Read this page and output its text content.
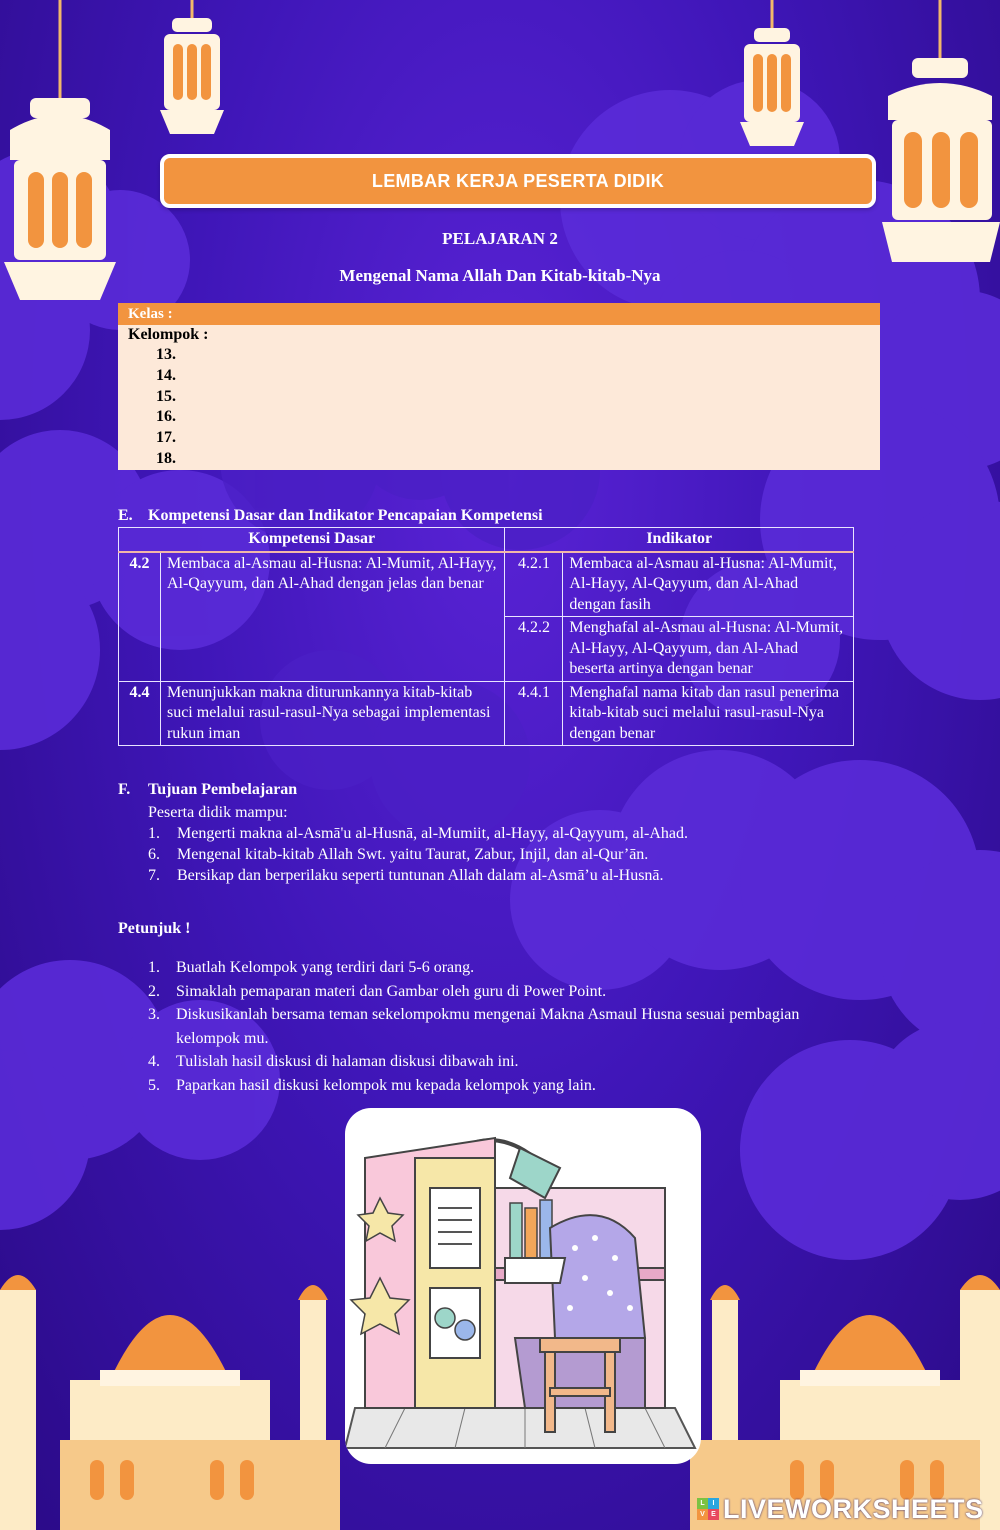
LEMBAR KERJA PESERTA DIDIK
PELAJARAN 2
Mengenal Nama Allah Dan Kitab-kitab-Nya
Kelas :
Kelompok :
13.
14.
15.
16.
17.
18.
E. Kompetensi Dasar dan Indikator Pencapaian Kompetensi
Kompetensi Dasar		Indikator	
4.2	Membaca al-Asmau al-Husna: Al-Mumit, Al-Hayy, Al-Qayyum, dan Al-Ahad dengan jelas dan benar	4.2.1	Membaca al-Asmau al-Husna: Al-Mumit, Al-Hayy, Al-Qayyum, dan Al-Ahad dengan fasih
		4.2.2	Menghafal al-Asmau al-Husna: Al-Mumit, Al-Hayy, Al-Qayyum, dan Al-Ahad beserta artinya dengan benar
4.4	Menunjukkan makna diturunkannya kitab-kitab suci melalui rasul-rasul-Nya sebagai implementasi rukun iman	4.4.1	Menghafal nama kitab dan rasul penerima kitab-kitab suci melalui rasul-rasul-Nya dengan benar
F. Tujuan Pembelajaran
Peserta didik mampu:
1. Mengerti makna al-Asmā'u al-Husnā, al-Mumiit, al-Hayy, al-Qayyum, al-Ahad.
6. Mengenal kitab-kitab Allah Swt. yaitu Taurat, Zabur, Injil, dan al-Qur’ān.
7. Bersikap dan berperilaku seperti tuntunan Allah dalam al-Asmā’u al-Husnā.
Petunjuk !
1. Buatlah Kelompok yang terdiri dari 5-6 orang.
2. Simaklah pemaparan materi dan Gambar oleh guru di Power Point.
3. Diskusikanlah bersama teman sekelompokmu mengenai Makna Asmaul Husna sesuai pembagian kelompok mu.
4. Tulislah hasil diskusi di halaman diskusi dibawah ini.
5. Paparkan hasil diskusi kelompok mu kepada kelompok yang lain.
L	I
V E LIVEWORKSHEETS
